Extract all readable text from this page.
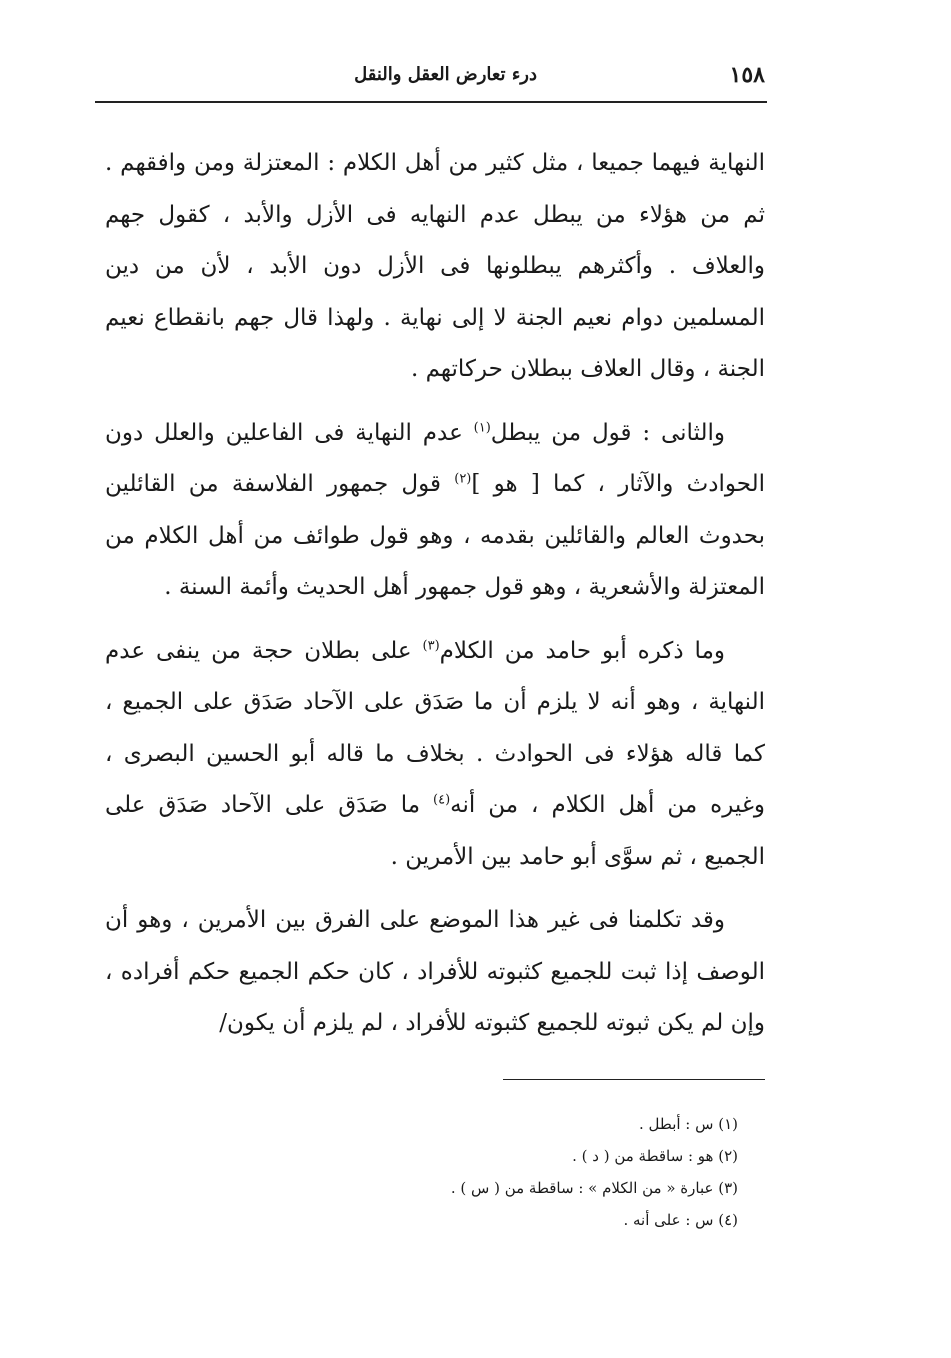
١٥٨
درء تعارض العقل والنقل

النهاية فيهما جميعا ، مثل كثير من أهل الكلام : المعتزلة ومن وافقهم . ثم من هؤلاء من يبطل عدم النهايه فى الأزل والأبد ، كقول جهم والعلاف . وأكثرهم يبطلونها فى الأزل دون الأبد ، لأن من دين المسلمين دوام نعيم الجنة لا إلى نهاية . ولهذا قال جهم بانقطاع نعيم الجنة ، وقال العلاف ببطلان حركاتهم .

والثانى : قول من يبطل$^{(١)}$ عدم النهاية فى الفاعلين والعلل دون الحوادث والآثار ، كما [ هو ]$^{(٢)}$ قول جمهور الفلاسفة من القائلين بحدوث العالم والقائلين بقدمه ، وهو قول طوائف من أهل الكلام من المعتزلة والأشعرية ، وهو قول جمهور أهل الحديث وأئمة السنة .

وما ذكره أبو حامد من الكلام$^{(٣)}$ على بطلان حجة من ينفى عدم النهاية ، وهو أنه لا يلزم أن ما صَدَق على الآحاد صَدَق على الجميع ، كما قاله هؤلاء فى الحوادث . بخلاف ما قاله أبو الحسين البصرى ، وغيره من أهل الكلام ، من أنه$^{(٤)}$ ما صَدَق على الآحاد صَدَق على الجميع ، ثم سوَّى أبو حامد بين الأمرين .

وقد تكلمنا فى غير هذا الموضع على الفرق بين الأمرين ، وهو أن الوصف إذا ثبت للجميع كثبوته للأفراد ، كان حكم الجميع حكم أفراده ، وإن لم يكن ثبوته للجميع كثبوته للأفراد ، لم يلزم أن يكون/

(١) س : أبطل .

(٢) هو : ساقطة من ( د ) .

(٣) عبارة « من الكلام » : ساقطة من ( س ) .

(٤) س : على أنه .
